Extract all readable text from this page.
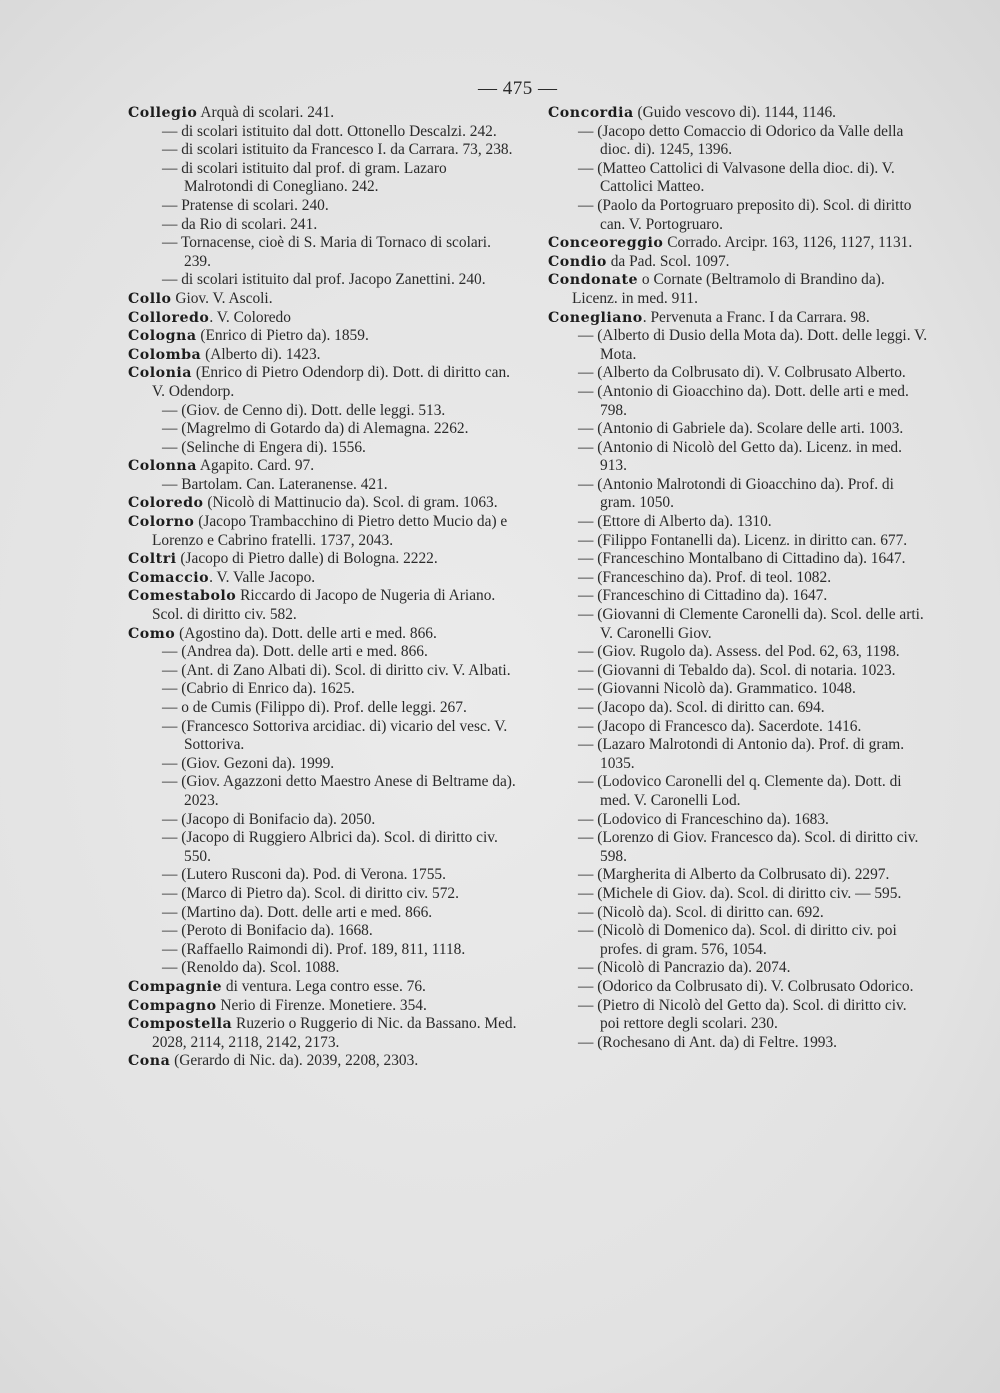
— 475 —

Collegio Arquà di scolari. 241.

— di scolari istituito dal dott. Ottonello Descalzi. 242.

— di scolari istituito da Francesco I. da Carrara. 73, 238.

— di scolari istituito dal prof. di gram. Lazaro Malrotondi di Conegliano. 242.

— Pratense di scolari. 240.

— da Rio di scolari. 241.

— Tornacense, cioè di S. Maria di Tornaco di scolari. 239.

— di scolari istituito dal prof. Jacopo Zanettini. 240.

Collo Giov. V. Ascoli.

Colloredo. V. Coloredo

Cologna (Enrico di Pietro da). 1859.

Colomba (Alberto di). 1423.

Colonia (Enrico di Pietro Odendorp di). Dott. di diritto can. V. Odendorp.

— (Giov. de Cenno di). Dott. delle leggi. 513.

— (Magrelmo di Gotardo da) di Alemagna. 2262.

— (Selinche di Engera di). 1556.

Colonna Agapito. Card. 97.

— Bartolam. Can. Lateranense. 421.

Coloredo (Nicolò di Mattinucio da). Scol. di gram. 1063.

Colorno (Jacopo Trambacchino di Pietro detto Mucio da) e Lorenzo e Cabrino fratelli. 1737, 2043.

Coltri (Jacopo di Pietro dalle) di Bologna. 2222.

Comaccio. V. Valle Jacopo.

Comestabolo Riccardo di Jacopo de Nugeria di Ariano. Scol. di diritto civ. 582.

Como (Agostino da). Dott. delle arti e med. 866.

— (Andrea da). Dott. delle arti e med. 866.

— (Ant. di Zano Albati di). Scol. di diritto civ. V. Albati.

— (Cabrio di Enrico da). 1625.

— o de Cumis (Filippo di). Prof. delle leggi. 267.

— (Francesco Sottoriva arcidiac. di) vicario del vesc. V. Sottoriva.

— (Giov. Gezoni da). 1999.

— (Giov. Agazzoni detto Maestro Anese di Beltrame da). 2023.

— (Jacopo di Bonifacio da). 2050.

— (Jacopo di Ruggiero Albrici da). Scol. di diritto civ. 550.

— (Lutero Rusconi da). Pod. di Verona. 1755.

— (Marco di Pietro da). Scol. di diritto civ. 572.

— (Martino da). Dott. delle arti e med. 866.

— (Peroto di Bonifacio da). 1668.

— (Raffaello Raimondi di). Prof. 189, 811, 1118.

— (Renoldo da). Scol. 1088.

Compagnie di ventura. Lega contro esse. 76.

Compagno Nerio di Firenze. Monetiere. 354.

Compostella Ruzerio o Ruggerio di Nic. da Bassano. Med. 2028, 2114, 2118, 2142, 2173.

Cona (Gerardo di Nic. da). 2039, 2208, 2303.

Concordia (Guido vescovo di). 1144, 1146.

— (Jacopo detto Comaccio di Odorico da Valle della dioc. di). 1245, 1396.

— (Matteo Cattolici di Valvasone della dioc. di). V. Cattolici Matteo.

— (Paolo da Portogruaro preposito di). Scol. di diritto can. V. Portogruaro.

Conceoreggio Corrado. Arcipr. 163, 1126, 1127, 1131.

Condio da Pad. Scol. 1097.

Condonate o Cornate (Beltramolo di Brandino da). Licenz. in med. 911.

Conegliano. Pervenuta a Franc. I da Carrara. 98.

— (Alberto di Dusio della Mota da). Dott. delle leggi. V. Mota.

— (Alberto da Colbrusato di). V. Colbrusato Alberto.

— (Antonio di Gioacchino da). Dott. delle arti e med. 798.

— (Antonio di Gabriele da). Scolare delle arti. 1003.

— (Antonio di Nicolò del Getto da). Licenz. in med. 913.

— (Antonio Malrotondi di Gioacchino da). Prof. di gram. 1050.

— (Ettore di Alberto da). 1310.

— (Filippo Fontanelli da). Licenz. in diritto can. 677.

— (Franceschino Montalbano di Cittadino da). 1647.

— (Franceschino da). Prof. di teol. 1082.

— (Franceschino di Cittadino da). 1647.

— (Giovanni di Clemente Caronelli da). Scol. delle arti. V. Caronelli Giov.

— (Giov. Rugolo da). Assess. del Pod. 62, 63, 1198.

— (Giovanni di Tebaldo da). Scol. di notaria. 1023.

— (Giovanni Nicolò da). Grammatico. 1048.

— (Jacopo da). Scol. di diritto can. 694.

— (Jacopo di Francesco da). Sacerdote. 1416.

— (Lazaro Malrotondi di Antonio da). Prof. di gram. 1035.

— (Lodovico Caronelli del q. Clemente da). Dott. di med. V. Caronelli Lod.

— (Lodovico di Franceschino da). 1683.

— (Lorenzo di Giov. Francesco da). Scol. di diritto civ. 598.

— (Margherita di Alberto da Colbrusato di). 2297.

— (Michele di Giov. da). Scol. di diritto civ. — 595.

— (Nicolò da). Scol. di diritto can. 692.

— (Nicolò di Domenico da). Scol. di diritto civ. poi profes. di gram. 576, 1054.

— (Nicolò di Pancrazio da). 2074.

— (Odorico da Colbrusato di). V. Colbrusato Odorico.

— (Pietro di Nicolò del Getto da). Scol. di diritto civ. poi rettore degli scolari. 230.

— (Rochesano di Ant. da) di Feltre. 1993.
